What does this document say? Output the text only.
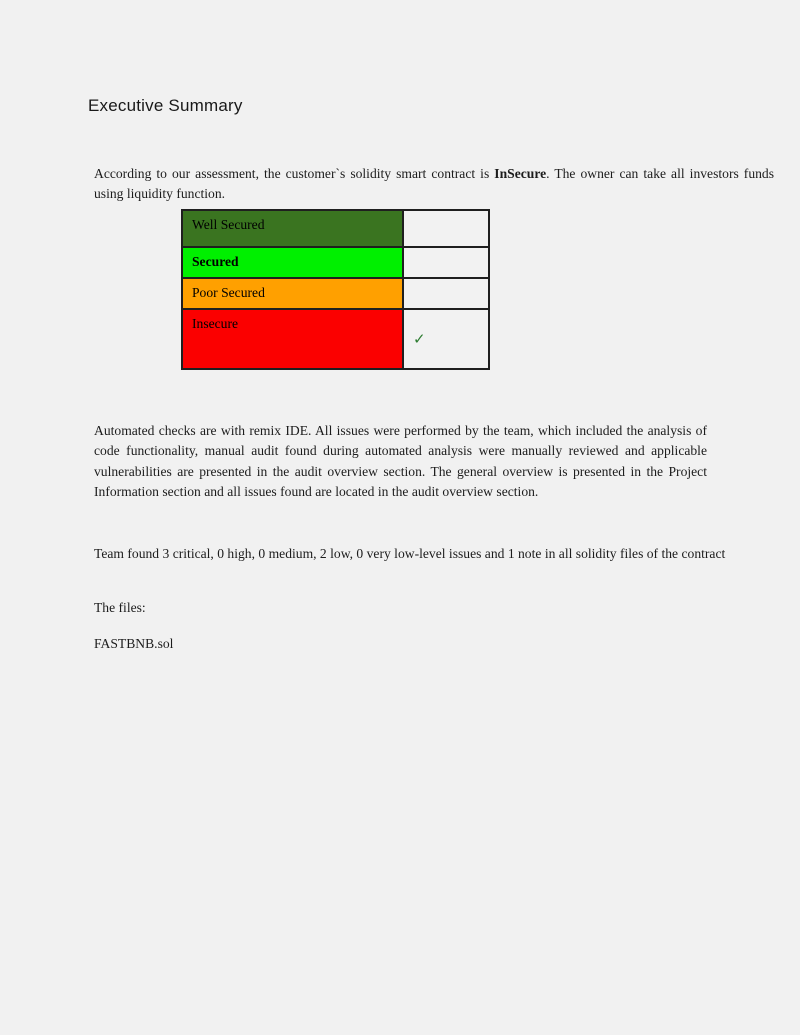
Executive Summary

According to our assessment, the customer`s solidity smart contract is InSecure. The owner can take all investors funds using liquidity function.

Well Secured	
Secured	
Poor Secured	
Insecure	✓

Automated checks are with remix IDE. All issues were performed by the team, which included the analysis of code functionality, manual audit found during automated analysis were manually reviewed and applicable vulnerabilities are presented in the audit overview section. The general overview is presented in the Project Information section and all issues found are located in the audit overview section.

Team found 3 critical, 0 high, 0 medium, 2 low, 0 very low-level issues and 1 note in all solidity files of the contract

The files:

FASTBNB.sol
